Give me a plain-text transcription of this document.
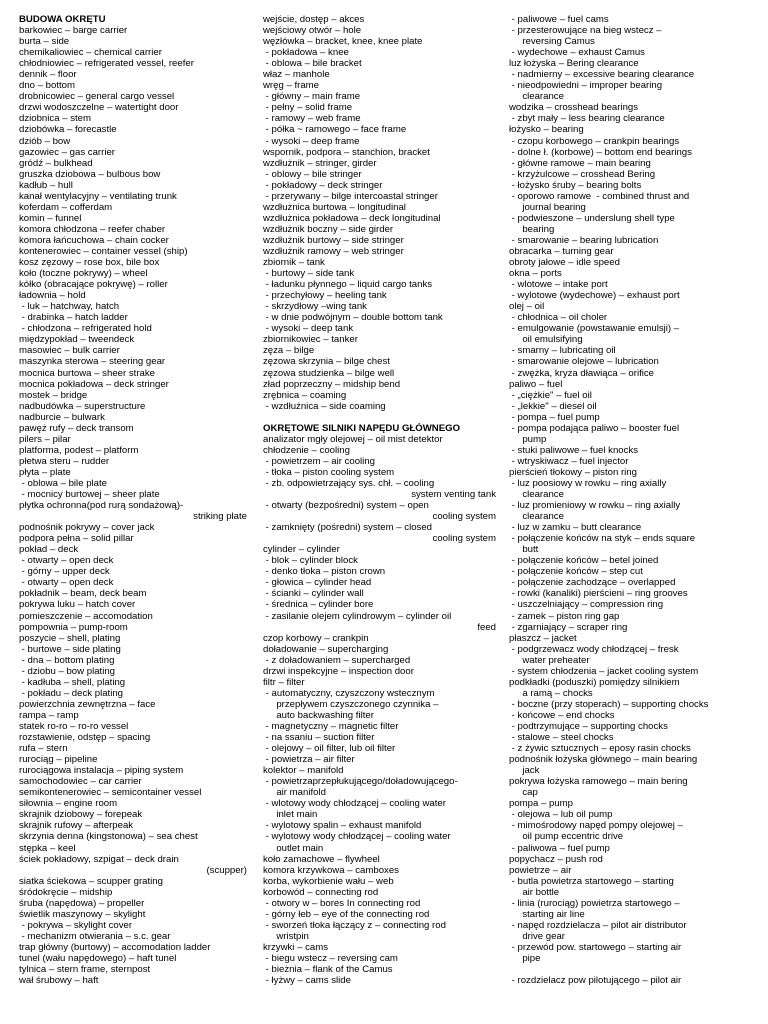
BUDOWA OKRĘTU
barkowiec – barge carrier
burta – side
chemikaliowiec – chemical carrier
chłodniowiec – refrigerated vessel, reefer
dennik – floor
dno – bottom
drobnicowiec – general cargo vessel
drzwi wodoszczelne – watertight door
dziobnica – stem
dziobówka – forecastle
dziób – bow
gazowiec – gas carrier
gródź – bulkhead
gruszka dziobowa – bulbous bow
kadłub – hull
kanał wentylacyjny – ventilating trunk
koferdam – cofferdam
komin – funnel
komora chłodzona – reefer chaber
komora łańcuchowa – chain cocker
kontenerowiec – container vessel (ship)
kosz zęzowy – rose box, bile box
koło (toczne pokrywy) – wheel
kółko (obracające pokrywę) – roller
ładownia – hold
- luk – hatchway, hatch
- drabinka – hatch ladder
- chłodzona – refrigerated hold
międzypokład – tweendeck
masowiec – bulk carrier
maszynka sterowa – steering gear
mocnica burtowa – sheer strake
mocnica pokładowa – deck stringer
mostek – bridge
nadbudówka – superstructure
nadburcie – bulwark
pawęż rufy – deck transom
pilers – pilar
platforma, podest – platform
płetwa steru – rudder
płyta – plate
- oblowa – bile plate
- mocnicy burtowej – sheer plate
płytka ochronna(pod rurą sondażową)-
striking plate
podnośnik pokrywy – cover jack
podpora pełna – solid pillar
pokład – deck
- otwarty – open deck
- górny – upper deck
- otwarty – open deck
pokładnik – beam, deck beam
pokrywa luku – hatch cover
pomieszczenie – accomodation
pompownia – pump-room
poszycie – shell, plating
- burtowe – side plating
- dna – bottom plating
- dziobu – bow plating
- kadłuba – shell, plating
- pokładu – deck plating
powierzchnia zewnętrzna – face
rampa – ramp
statek ro-ro – ro-ro vessel
rozstawienie, odstęp – spacing
rufa – stern
rurociąg – pipeline
rurociągowa instalacja – piping system
samochodowiec – car carrier
semikontenerowiec – semicontainer vessel
siłownia – engine room
skrajnik dziobowy – forepeak
skrajnik rufowy – afterpeak
skrzynia denna (kingstonowa) – sea chest
stępka – keel
ściek pokładowy, szpigat – deck drain
(scupper)
siatka ściekowa – scupper grating
śródokręcie – midship
śruba (napędowa) – propeller
świetlik maszynowy – skylight
- pokrywa – skylight cover
- mechanizm otwierania – s.c. gear
trap główny (burtowy) – accomodation ladder
tunel (wału napędowego) – haft tunel
tylnica – stern frame, sternpost
wał śrubowy – haft
wejście, dostęp – akces
wejściowy otwór – hole
węzłówka – bracket, knee, knee plate
- pokładowa – knee
- oblowa – bile bracket
właz – manhole
wręg – frame
- główny – main frame
- pełny – solid frame
- ramowy – web frame
- półka ~ ramowego – face frame
- wysoki – deep frame
wspornik, podpora – stanchion, bracket
wzdłużnik – stringer, girder
- oblowy – bile stringer
- pokładowy – deck stringer
- przerywany – bilge intercoastal stringer
wzdłużnica burtowa – longitudinal
wzdłużnica pokładowa – deck longitudinal
wzdłużnik boczny – side girder
wzdłużnik burtowy – side stringer
wzdłużnik ramowy – web stringer
zbiornik – tank
- burtowy – side tank
- ładunku płynnego – liquid cargo tanks
- przechyłowy – heeling tank
- skrzydłowy –wing tank
- w dnie podwójnym – double bottom tank
- wysoki – deep tank
zbiornikowiec – tanker
zęza – bilge
zęzowa skrzynia – bilge chest
zęzowa studzienka – bilge well
zład poprzeczny – midship bend
zrębnica – coaming
- wzdłużnica – side coaming
OKRĘTOWE SILNIKI NAPĘDU GŁÓWNEGO
analizator mgły olejowej – oil mist detektor
chłodzenie – cooling
- powietrzem – air cooling
- tłoka – piston cooling system
- zb. odpowietrzający sys. chł. – cooling
system venting tank
- otwarty (bezpośredni) system – open
cooling system
- zamknięty (pośredni) system – closed
cooling system
cylinder – cylinder
- blok – cylinder block
- denko tłoka – piston crown
- głowica – cylinder head
- ścianki – cylinder wall
- średnica – cylinder bore
- zasilanie olejem cylindrowym – cylinder oil
feed
czop korbowy – crankpin
doładowanie – supercharging
- z doładowaniem – supercharged
drzwi inspekcyjne – inspection door
filtr – filter
- automatyczny, czyszczony wstecznym
przepływem czyszczonego czynnika –
auto backwashing filter
- magnetyczny – magnetic filter
- na ssaniu – suction filter
- olejowy – oil filter, lub oil filter
- powietrza – air filter
kolektor – manifold
- powietrzaprzepłukującego/doładowującego-
air manifold
- wlotowy wody chłodzącej – cooling water
inlet main
- wylotowy spalin – exhaust manifold
- wylotowy wody chłodzącej – cooling water
outlet main
koło zamachowe – flywheel
komora krzywkowa – camboxes
korba, wykorbienie wału – web
korbowód – connecting rod
- otwory w – bores In connecting rod
- górny łeb – eye of the connecting rod
- sworzeń tłoka łączący z – connecting rod
wristpin
krzywki – cams
- biegu wstecz – reversing cam
- bieżnia – flank of the Camus
- łyżwy – cams slide
- paliwowe – fuel cams
- przesterowujące na bieg wstecz –
reversing Camus
- wydechowe – exhaust Camus
luz łożyska – Bering clearance
- nadmierny – excessive bearing clearance
- nieodpowiedni – improper bearing
clearance
wodzika – crosshead bearings
- zbyt mały – less bearing clearance
łożysko – bearing
- czopu korbowego – crankpin bearings
- dolne ł. (korbowe) – bottom end bearings
- główne ramowe – main bearing
- krzyżulcowe – crosshead Bering
- łożysko śruby – bearing bolts
- oporowo ramowe  - combined thrust and
journal bearing
- podwieszone – underslung shell type
bearing
- smarowanie – bearing lubrication
obracarka – turning gear
obroty jałowe – idle speed
okna – ports
- wlotowe – intake port
- wylotowe (wydechowe) – exhaust port
olej – oil
- chłodnica – oil choler
- emulgowanie (powstawanie emulsji) –
oil emulsifying
- smarny – lubricating oil
- smarowanie olejowe – lubrication
- zwężka, kryza dławiąca – orifice
paliwo – fuel
- „ciężkie" – fuel oil
- „lekkie" – diesel oil
- pompa – fuel pump
- pompa podająca paliwo – booster fuel
pump
- stuki paliwowe – fuel knocks
- wtryskiwacz – fuel injector
pierścień tłokowy – piston ring
- luz poosiowy w rowku – ring axially
clearance
- luz promieniowy w rowku – ring axially
clearance
- luz w zamku – butt clearance
- połączenie końców na styk – ends square
butt
- połączenie końców – betel joined
- połączenie końców – step cut
- połączenie zachodzące – overlapped
- rowki (kanaliki) pierścieni – ring grooves
- uszczelniający – compression ring
- zamek – piston ring gap
- zgarniający – scraper ring
płaszcz – jacket
- podgrzewacz wody chłodzącej – fresk
water preheater
- system chłodzenia – jacket cooling system
podkładki (poduszki) pomiędzy silnikiem
a ramą – chocks
- boczne (przy stoperach) – supporting chocks
- końcowe – end chocks
- podtrzymujące – supporting chocks
- stalowe – steel chocks
- z żywic sztucznych – eposy rasin chocks
podnośnik łożyska głównego – main bearing
jack
pokrywa łożyska ramowego – main bering
cap
pompa – pump
- olejowa – lub oil pump
- mimośrodowy napęd pompy olejowej –
oil pump eccentric drive
- paliwowa – fuel pump
popychacz – push rod
powietrze – air
- butla powietrza startowego – starting
air bottle
- linia (rurociąg) powietrza startowego –
starting air line
- napęd rozdzielacza – pilot air distributor
drive gear
- przewód pow. startowego – starting air
pipe
- rozdzielacz pow pilotującego – pilot air
